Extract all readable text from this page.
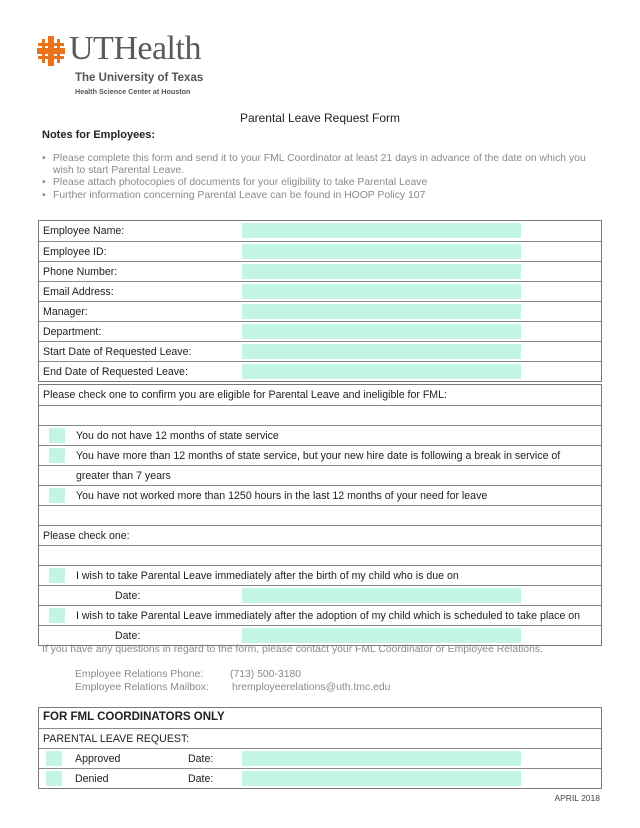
UTHealth
The University of Texas
Health Science Center at Houston
Parental Leave Request Form
Notes for Employees:
• Please complete this form and send it to your FML Coordinator at least 21 days in advance of the date on which you wish to start Parental Leave.
• Please attach photocopies of documents for your eligibility to take Parental Leave
• Further information concerning Parental Leave can be found in HOOP Policy 107
Employee Name:
Employee ID:
Phone Number:
Email Address:
Manager:
Department:
Start Date of Requested Leave:
End Date of Requested Leave:
Please check one to confirm you are eligible for Parental Leave and ineligible for FML:
You do not have 12 months of state service
You have more than 12 months of state service, but your new hire date is following a break in service of
greater than 7 years
You have not worked more than 1250 hours in the last 12 months of your need for leave
Please check one:
I wish to take Parental Leave immediately after the birth of my child who is due on
Date:
I wish to take Parental Leave immediately after the adoption of my child which is scheduled to take place on
Date:
If you have any questions in regard to the form, please contact your FML Coordinator or Employee Relations.
Employee Relations Phone:	(713) 500-3180
Employee Relations Mailbox: hremployeerelations@uth.tmc.edu
FOR FML COORDINATORS ONLY
PARENTAL LEAVE REQUEST:
Approved	Date:
Denied	Date:
APRIL 2018
